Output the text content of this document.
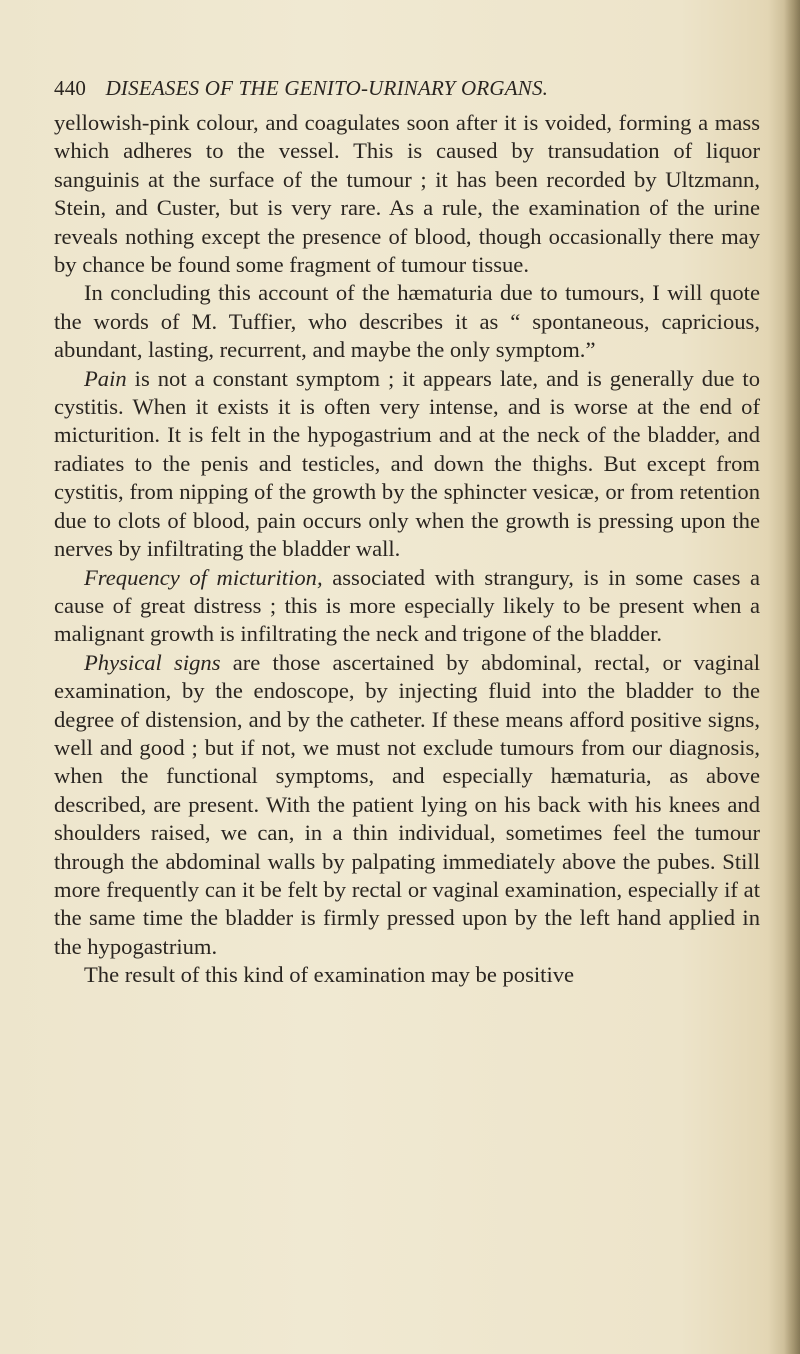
440 DISEASES OF THE GENITO-URINARY ORGANS.

yellowish-pink colour, and coagulates soon after it is voided, forming a mass which adheres to the vessel. This is caused by transudation of liquor sanguinis at the surface of the tumour ; it has been recorded by Ultzmann, Stein, and Custer, but is very rare. As a rule, the examination of the urine reveals nothing except the presence of blood, though occasionally there may by chance be found some fragment of tumour tissue.

In concluding this account of the hæmaturia due to tumours, I will quote the words of M. Tuffier, who describes it as “ spontaneous, capricious, abundant, lasting, recurrent, and maybe the only symptom.”

Pain is not a constant symptom ; it appears late, and is generally due to cystitis. When it exists it is often very intense, and is worse at the end of micturition. It is felt in the hypogastrium and at the neck of the bladder, and radiates to the penis and testicles, and down the thighs. But except from cystitis, from nipping of the growth by the sphincter vesicæ, or from retention due to clots of blood, pain occurs only when the growth is pressing upon the nerves by infiltrating the bladder wall.

Frequency of micturition, associated with strangury, is in some cases a cause of great distress ; this is more especially likely to be present when a malignant growth is infiltrating the neck and trigone of the bladder.

Physical signs are those ascertained by abdominal, rectal, or vaginal examination, by the endoscope, by injecting fluid into the bladder to the degree of distension, and by the catheter. If these means afford positive signs, well and good ; but if not, we must not exclude tumours from our diagnosis, when the functional symptoms, and especially hæmaturia, as above described, are present. With the patient lying on his back with his knees and shoulders raised, we can, in a thin individual, sometimes feel the tumour through the abdominal walls by palpating immediately above the pubes. Still more frequently can it be felt by rectal or vaginal examination, especially if at the same time the bladder is firmly pressed upon by the left hand applied in the hypogastrium.

The result of this kind of examination may be positive
